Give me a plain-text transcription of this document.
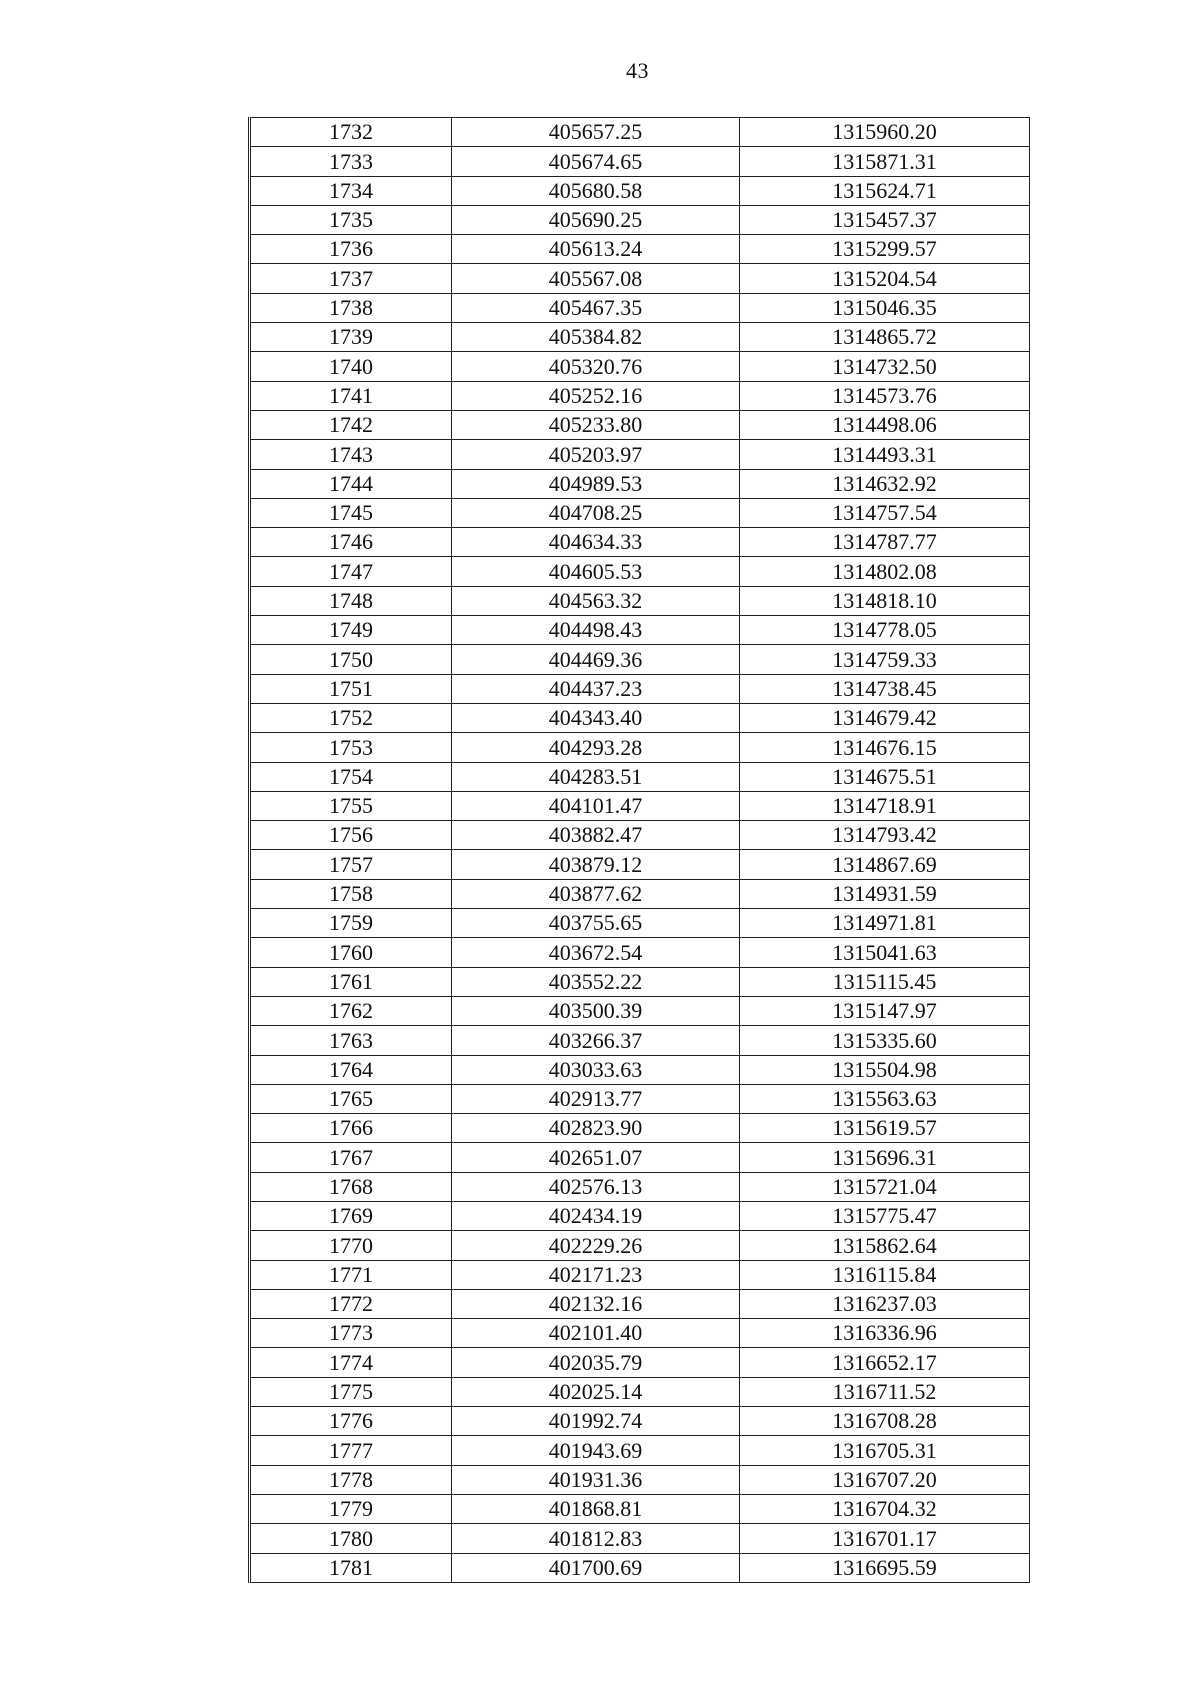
43
1732	405657.25	1315960.20
1733	405674.65	1315871.31
1734	405680.58	1315624.71
1735	405690.25	1315457.37
1736	405613.24	1315299.57
1737	405567.08	1315204.54
1738	405467.35	1315046.35
1739	405384.82	1314865.72
1740	405320.76	1314732.50
1741	405252.16	1314573.76
1742	405233.80	1314498.06
1743	405203.97	1314493.31
1744	404989.53	1314632.92
1745	404708.25	1314757.54
1746	404634.33	1314787.77
1747	404605.53	1314802.08
1748	404563.32	1314818.10
1749	404498.43	1314778.05
1750	404469.36	1314759.33
1751	404437.23	1314738.45
1752	404343.40	1314679.42
1753	404293.28	1314676.15
1754	404283.51	1314675.51
1755	404101.47	1314718.91
1756	403882.47	1314793.42
1757	403879.12	1314867.69
1758	403877.62	1314931.59
1759	403755.65	1314971.81
1760	403672.54	1315041.63
1761	403552.22	1315115.45
1762	403500.39	1315147.97
1763	403266.37	1315335.60
1764	403033.63	1315504.98
1765	402913.77	1315563.63
1766	402823.90	1315619.57
1767	402651.07	1315696.31
1768	402576.13	1315721.04
1769	402434.19	1315775.47
1770	402229.26	1315862.64
1771	402171.23	1316115.84
1772	402132.16	1316237.03
1773	402101.40	1316336.96
1774	402035.79	1316652.17
1775	402025.14	1316711.52
1776	401992.74	1316708.28
1777	401943.69	1316705.31
1778	401931.36	1316707.20
1779	401868.81	1316704.32
1780	401812.83	1316701.17
1781	401700.69	1316695.59
